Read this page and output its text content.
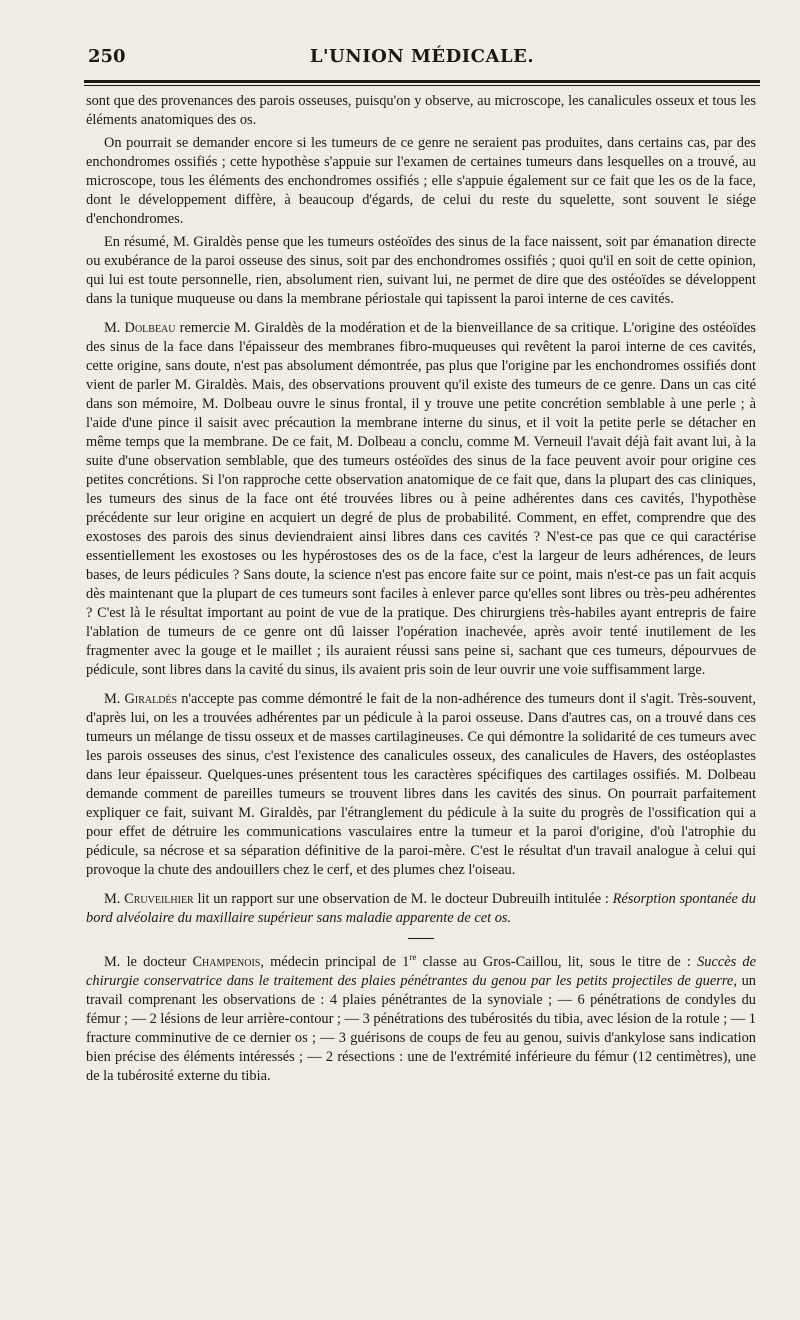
250	L'UNION MÉDICALE.

sont que des provenances des parois osseuses, puisqu'on y observe, au microscope, les canalicules osseux et tous les éléments anatomiques des os.

On pourrait se demander encore si les tumeurs de ce genre ne seraient pas produites, dans certains cas, par des enchondromes ossifiés ; cette hypothèse s'appuie sur l'examen de certaines tumeurs dans lesquelles on a trouvé, au microscope, tous les éléments des enchondromes ossifiés ; elle s'appuie également sur ce fait que les os de la face, dont le développement diffère, à beaucoup d'égards, de celui du reste du squelette, sont souvent le siége d'enchondromes.

En résumé, M. Giraldès pense que les tumeurs ostéoïdes des sinus de la face naissent, soit par émanation directe ou exubérance de la paroi osseuse des sinus, soit par des enchondromes ossifiés ; quoi qu'il en soit de cette opinion, qui lui est toute personnelle, rien, absolument rien, suivant lui, ne permet de dire que des ostéoïdes se développent dans la tunique muqueuse ou dans la membrane périostale qui tapissent la paroi interne de ces cavités.

M. Dolbeau remercie M. Giraldès de la modération et de la bienveillance de sa critique. L'origine des ostéoïdes des sinus de la face dans l'épaisseur des membranes fibro-muqueuses qui revêtent la paroi interne de ces cavités, cette origine, sans doute, n'est pas absolument démontrée, pas plus que l'origine par les enchondromes ossifiés dont vient de parler M. Giraldès. Mais, des observations prouvent qu'il existe des tumeurs de ce genre. Dans un cas cité dans son mémoire, M. Dolbeau ouvre le sinus frontal, il y trouve une petite concrétion semblable à une perle ; à l'aide d'une pince il saisit avec précaution la membrane interne du sinus, et il voit la petite perle se détacher en même temps que la membrane. De ce fait, M. Dolbeau a conclu, comme M. Verneuil l'avait déjà fait avant lui, à la suite d'une observation semblable, que des tumeurs ostéoïdes des sinus de la face peuvent avoir pour origine ces petites concrétions. Si l'on rapproche cette observation anatomique de ce fait que, dans la plupart des cas cliniques, les tumeurs des sinus de la face ont été trouvées libres ou à peine adhérentes dans ces cavités, l'hypothèse précédente sur leur origine en acquiert un degré de plus de probabilité. Comment, en effet, comprendre que des exostoses des parois des sinus deviendraient ainsi libres dans ces cavités ? N'est-ce pas que ce qui caractérise essentiellement les exostoses ou les hypérostoses des os de la face, c'est la largeur de leurs adhérences, de leurs bases, de leurs pédicules ? Sans doute, la science n'est pas encore faite sur ce point, mais n'est-ce pas un fait acquis dès maintenant que la plupart de ces tumeurs sont faciles à enlever parce qu'elles sont libres ou très-peu adhérentes ? C'est là le résultat important au point de vue de la pratique. Des chirurgiens très-habiles ayant entrepris de faire l'ablation de tumeurs de ce genre ont dû laisser l'opération inachevée, après avoir tenté inutilement de les fragmenter avec la gouge et le maillet ; ils auraient réussi sans peine si, sachant que ces tumeurs, dépourvues de pédicule, sont libres dans la cavité du sinus, ils avaient pris soin de leur ouvrir une voie suffisamment large.

M. Giraldès n'accepte pas comme démontré le fait de la non-adhérence des tumeurs dont il s'agit. Très-souvent, d'après lui, on les a trouvées adhérentes par un pédicule à la paroi osseuse. Dans d'autres cas, on a trouvé dans ces tumeurs un mélange de tissu osseux et de masses cartilagineuses. Ce qui démontre la solidarité de ces tumeurs avec les parois osseuses des sinus, c'est l'existence des canalicules osseux, des canalicules de Havers, des ostéoplastes dans leur épaisseur. Quelques-unes présentent tous les caractères spécifiques des cartilages ossifiés. M. Dolbeau demande comment de pareilles tumeurs se trouvent libres dans les cavités des sinus. On pourrait parfaitement expliquer ce fait, suivant M. Giraldès, par l'étranglement du pédicule à la suite du progrès de l'ossification qui a pour effet de détruire les communications vasculaires entre la tumeur et la paroi d'origine, d'où l'atrophie du pédicule, sa nécrose et sa séparation définitive de la paroi-mère. C'est le résultat d'un travail analogue à celui qui provoque la chute des andouillers chez le cerf, et des plumes chez l'oiseau.

M. Cruveilhier lit un rapport sur une observation de M. le docteur Dubreuilh intitulée : Résorption spontanée du bord alvéolaire du maxillaire supérieur sans maladie apparente de cet os.

M. le docteur Champenois, médecin principal de 1re classe au Gros-Caillou, lit, sous le titre de : Succès de chirurgie conservatrice dans le traitement des plaies pénétrantes du genou par les petits projectiles de guerre, un travail comprenant les observations de : 4 plaies pénétrantes de la synoviale ; — 6 pénétrations de condyles du fémur ; — 2 lésions de leur arrière-contour ; — 3 pénétrations des tubérosités du tibia, avec lésion de la rotule ; — 1 fracture comminutive de ce dernier os ; — 3 guérisons de coups de feu au genou, suivis d'ankylose sans indication bien précise des éléments intéressés ; — 2 résections : une de l'extrémité inférieure du fémur (12 centimètres), une de la tubérosité externe du tibia.
